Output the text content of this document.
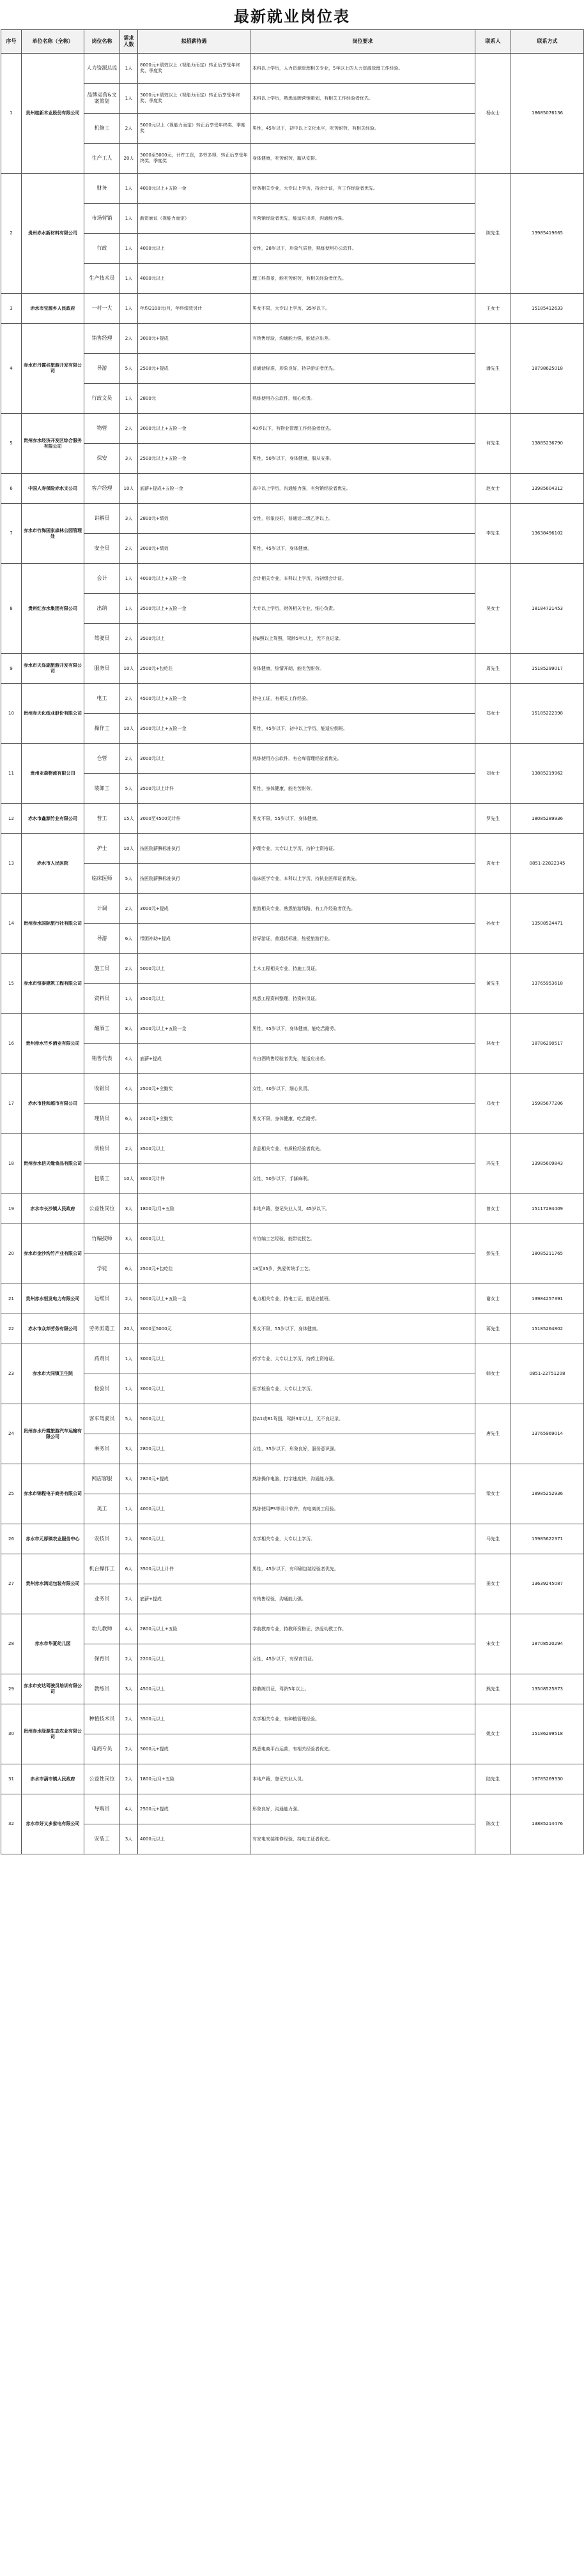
最新就业岗位表
序号	单位名称（全称）	岗位名称	需求人数	拟招薪待遇	岗位要求	联系人	联系方式
1	贵州桂新木业股份有限公司	人力资源总监	1人	8000元+绩效以上（视能力而定）转正后享受年终奖、季度奖	本科以上学历，人力资源管理相关专业，5年以上的人力资源管理工作经验。	杨女士	18685076136
		品牌运营&文案策划	1人	3000元+绩效以上（视能力而定）转正后享受年终奖、季度奖	本科以上学历，熟悉品牌营销策划，有相关工作经验者优先。		
		机修工	2人	5000元以上（视能力而定）转正后享受年终奖、季度奖	男性，45岁以下，初中以上文化水平，吃苦耐劳，有相关经验。		
		生产工人	20人	3000至5000元，计件工资，多劳多得，转正后享受年终奖、季度奖	身体健康，吃苦耐劳，服从安排。		
2	贵州赤水新材料有限公司	财务	1人	4000元以上+五险一金	财务相关专业，大专以上学历，持会计证，有工作经验者优先。	陈先生	13985419665
		市场营销	1人	薪资面议（视能力而定）	有营销经验者优先，能适应出差，沟通能力强。		
		行政	1人	4000元以上	女性，28岁以下，形象气质佳，熟练使用办公软件。		
		生产技术员	1人	4000元以上	理工科背景，能吃苦耐劳，有相关经验者优先。		
3	赤水市宝源乡人民政府	一村一大	1人	年均2100元/月，年终绩效另计	男女不限，大专以上学历，35岁以下。	王女士	15185412633
4	赤水市丹霞谷旅游开发有限公司	销售经理	2人	3000元+提成	有销售经验，沟通能力强，能适应出差。	潘先生	18798625018
		导游	5人	2500元+提成	普通话标准，形象良好，持导游证者优先。		
		行政文员	1人	2800元	熟练使用办公软件，细心负责。		
5	贵州赤水经济开发区综合服务有限公司	物管	2人	3000元以上+五险一金	40岁以下，有物业管理工作经验者优先。	何先生	13885236790
		保安	3人	2500元以上+五险一金	男性，50岁以下，身体健康，服从安排。		
6	中国人寿保险赤水支公司	客户经理	10人	底薪+提成+五险一金	高中以上学历，沟通能力强，有营销经验者优先。	赵女士	13985604312
7	赤水市竹海国家森林公园管理处	讲解员	3人	2800元+绩效	女性，形象良好，普通话二级乙等以上。	李先生	13638496102
		安全员	2人	3000元+绩效	男性，45岁以下，身体健康。		
8	贵州红赤水集团有限公司	会计	1人	4000元以上+五险一金	会计相关专业，本科以上学历，持初级会计证。	吴女士	18184721453
		出纳	1人	3500元以上+五险一金	大专以上学历，财务相关专业，细心负责。		
		驾驶员	2人	3500元以上	持B照以上驾照，驾龄5年以上，无不良记录。		
9	赤水市天岛湖旅游开发有限公司	服务员	10人	2500元+包吃住	身体健康，热情开朗，能吃苦耐劳。	周先生	15185299017
10	贵州赤天化纸业股份有限公司	电工	2人	4500元以上+五险一金	持电工证，有相关工作经验。	郑女士	15185222398
		操作工	10人	3500元以上+五险一金	男性，45岁以下，初中以上学历，能适应倒班。		
11	贵州亚森物流有限公司	仓管	2人	3000元以上	熟练使用办公软件，有仓库管理经验者优先。	刘女士	13885219962
		装卸工	5人	3500元以上计件	男性，身体健康，能吃苦耐劳。		
12	赤水市鑫源竹业有限公司	普工	15人	3000至4500元计件	男女不限，55岁以下，身体健康。	罗先生	18085289936
13	赤水市人民医院	护士	10人	按医院薪酬标准执行	护理专业，大专以上学历，持护士资格证。	袁女士	0851-22822345
		临床医师	5人	按医院薪酬标准执行	临床医学专业，本科以上学历，持执业医师证者优先。		
14	贵州赤水国际旅行社有限公司	计调	2人	3000元+提成	旅游相关专业，熟悉旅游线路，有工作经验者优先。	孙女士	13508524471
		导游	6人	带团补助+提成	持导游证，普通话标准，热爱旅游行业。		
15	赤水市恒泰建筑工程有限公司	施工员	2人	5000元以上	土木工程相关专业，持施工员证。	黄先生	13765953618
		资料员	1人	3500元以上	熟悉工程资料整理，持资料员证。		
16	贵州赤水竹乡酒业有限公司	酿酒工	8人	3500元以上+五险一金	男性，45岁以下，身体健康，能吃苦耐劳。	林女士	18786290517
		销售代表	4人	底薪+提成	有白酒销售经验者优先，能适应出差。		
17	赤水市佳和超市有限公司	收银员	4人	2500元+全勤奖	女性，40岁以下，细心负责。	邓女士	15985677206
		理货员	6人	2400元+全勤奖	男女不限，身体健康，吃苦耐劳。		
18	贵州赤水信天缘食品有限公司	质检员	2人	3500元以上	食品相关专业，有质检经验者优先。	冯先生	13985609843
		包装工	10人	3000元计件	女性，50岁以下，手脚麻利。		
19	赤水市长沙镇人民政府	公益性岗位	3人	1800元/月+五险	本地户籍，登记失业人员，45岁以下。	曾女士	15117284409
20	赤水市金沙沟竹产业有限公司	竹编技师	3人	4000元以上	有竹编工艺经验，能带徒授艺。	彭先生	18085211765
		学徒	6人	2500元+包吃住	18至35岁，热爱传统手工艺。		
21	贵州赤水恒发电力有限公司	运维员	2人	5000元以上+五险一金	电力相关专业，持电工证，能适应值班。	谢女士	13984257391
22	赤水市众邦劳务有限公司	劳务派遣工	20人	3000至5000元	男女不限，55岁以下，身体健康。	蒋先生	15185264802
23	赤水市大同镇卫生院	药剂员	1人	3000元以上	药学专业，大专以上学历，持药士资格证。	韩女士	0851-22751208
		检验员	1人	3000元以上	医学检验专业，大专以上学历。		
24	贵州赤水丹霞旅游汽车运输有限公司	客车驾驶员	5人	5000元以上	持A1或B1驾照，驾龄3年以上，无不良记录。	唐先生	13765969014
		乘务员	3人	2800元以上	女性，35岁以下，形象良好，服务意识强。		
25	赤水市锦程电子商务有限公司	网店客服	3人	2800元+提成	熟练操作电脑，打字速度快，沟通能力强。	梁女士	18985252936
		美工	1人	4000元以上	熟练使用PS等设计软件，有电商美工经验。		
26	赤水市元厚镇农业服务中心	农技员	2人	3000元以上	农学相关专业，大专以上学历。	马先生	15985622371
27	贵州赤水鸿运包装有限公司	机台操作工	6人	3500元以上计件	男性，45岁以下，有印刷包装经验者优先。	田女士	13639245087
		业务员	2人	底薪+提成	有销售经验，沟通能力强。		
28	赤水市华夏幼儿园	幼儿教师	4人	2800元以上+五险	学前教育专业，持教师资格证，热爱幼教工作。	宋女士	18708520294
		保育员	2人	2200元以上	女性，45岁以下，有保育员证。		
29	赤水市安达驾驶员培训有限公司	教练员	3人	4500元以上	持教练员证，驾龄5年以上。	熊先生	13508525873
30	贵州赤水绿源生态农业有限公司	种植技术员	2人	3500元以上	农学相关专业，有种植管理经验。	姚女士	15186299518
		电商专员	2人	3000元+提成	熟悉电商平台运营，有相关经验者优先。		
31	赤水市葫市镇人民政府	公益性岗位	2人	1800元/月+五险	本地户籍，登记失业人员。	陆先生	18785269330
32	赤水市好又多家电有限公司	导购员	4人	2500元+提成	形象良好，沟通能力强。	陈女士	13885214476
		安装工	3人	4000元以上	有家电安装维修经验，持电工证者优先。		
